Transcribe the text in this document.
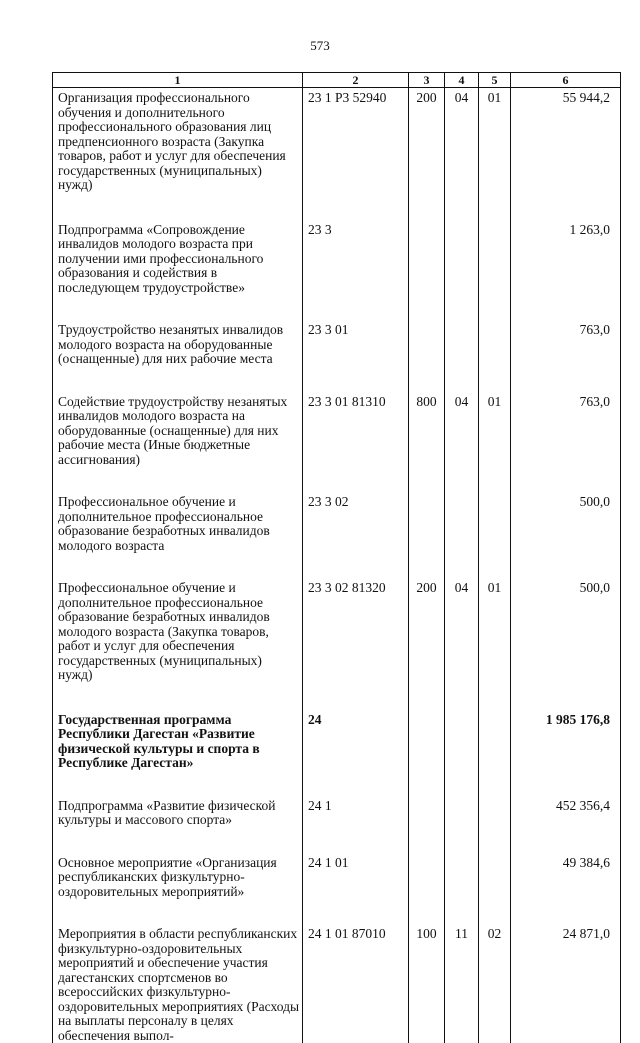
573
1	2	3	4	5	6
Организация профессионального обучения и дополнительного профессионального образования лиц предпенсионного возраста (Закупка товаров, работ и услуг для обеспечения государственных (муниципальных) нужд)	23 1 P3 52940	200	04	01	55 944,2

Подпрограмма «Сопровождение инвалидов молодого возраста при получении ими профессионального образования и содействия в последующем трудоустройстве»	23 3				1 263,0

Трудоустройство незанятых инвалидов молодого возраста на оборудованные (оснащенные) для них рабочие места	23 3 01				763,0

Содействие трудоустройству незанятых инвалидов молодого возраста на оборудованные (оснащенные) для них рабочие места (Иные бюджетные ассигнования)	23 3 01 81310	800	04	01	763,0

Профессиональное обучение и дополнительное профессиональное образование безработных инвалидов молодого возраста	23 3 02				500,0

Профессиональное обучение и дополнительное профессиональное образование безработных инвалидов молодого возраста (Закупка товаров, работ и услуг для обеспечения государственных (муниципальных) нужд)	23 3 02 81320	200	04	01	500,0

Государственная программа Республики Дагестан «Развитие физической культуры и спорта в Республике Дагестан»	24				1 985 176,8

Подпрограмма «Развитие физической культуры и массового спорта»	24 1				452 356,4

Основное мероприятие «Организация республиканских физкультурно-оздоровительных мероприятий»	24 1 01				49 384,6

Мероприятия в области республиканских физкультурно-оздоровительных мероприятий и обеспечение участия дагестанских спортсменов во всероссийских физкультурно-оздоровительных мероприятиях (Расходы на выплаты персоналу в целях обеспечения выпол-	24 1 01 87010	100	11	02	24 871,0
